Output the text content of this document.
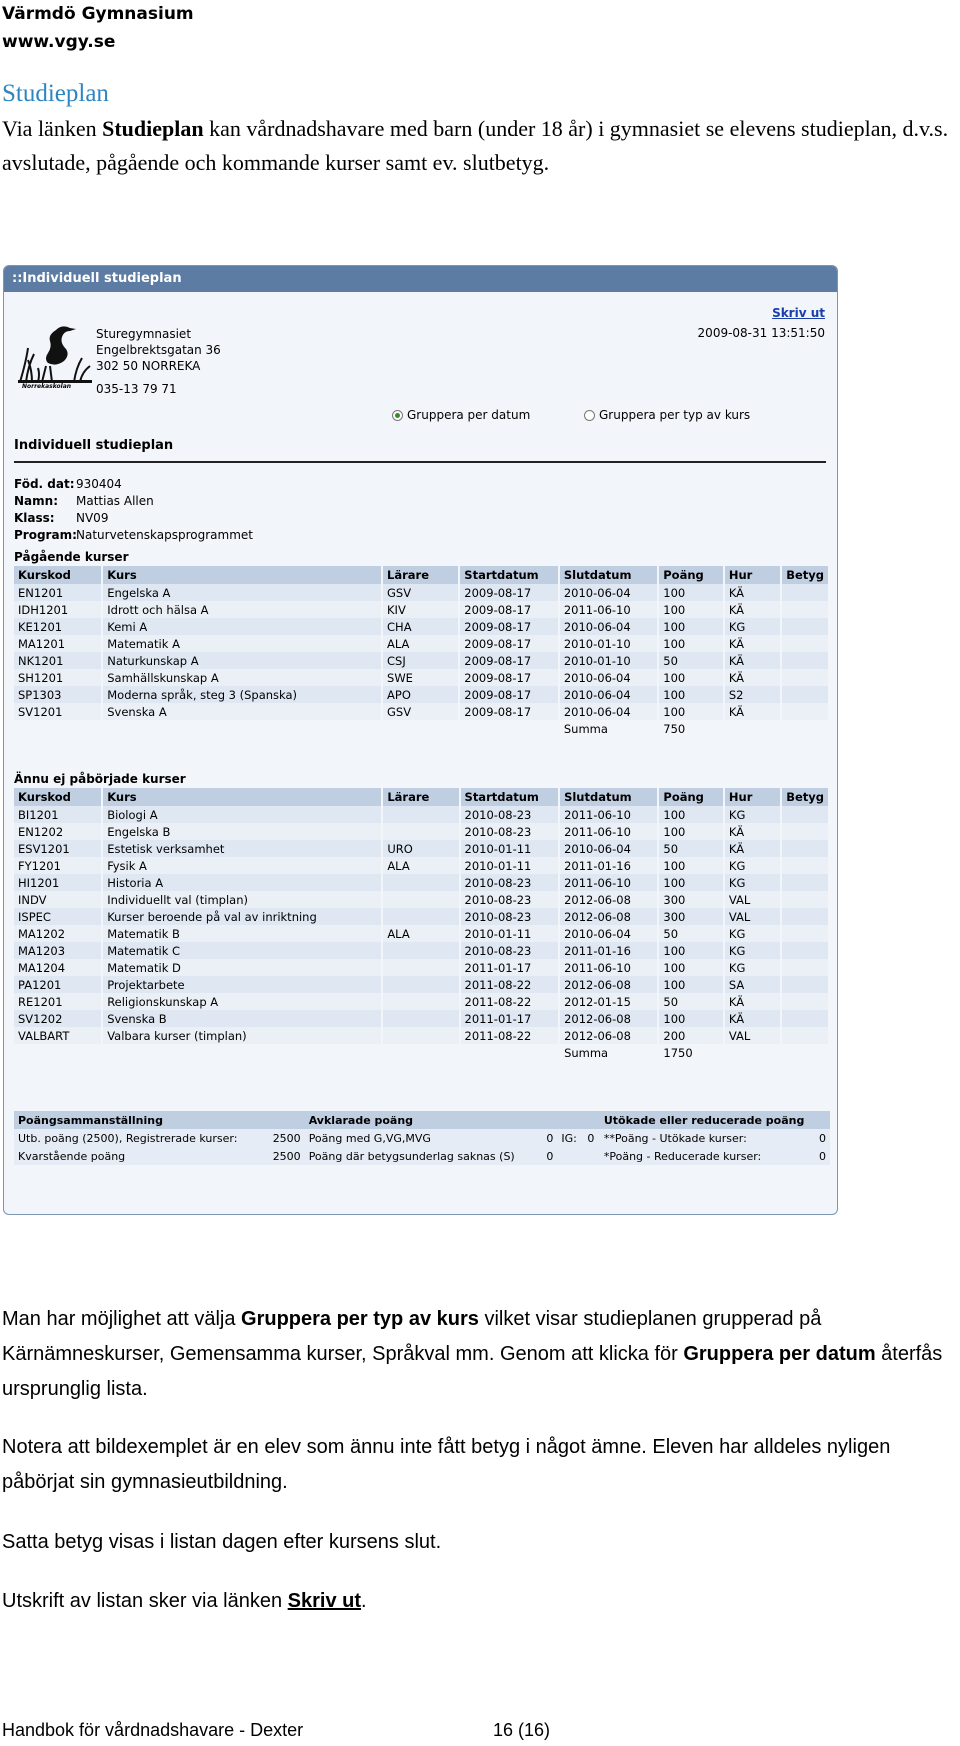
Värmdö Gymnasium
www.vgy.se
Studieplan
Via länken Studieplan kan vårdnadshavare med barn (under 18 år) i gymnasiet se elevens studieplan, d.v.s. avslutade, pågående och kommande kurser samt ev. slutbetyg.
::Individuell studieplan
Skriv ut
2009-08-31 13:51:50
Norrekaskolan
Sturegymnasiet
Engelbrektsgatan 36
302 50 NORREKA
035-13 79 71
Gruppera per datum	Gruppera per typ av kurs
Individuell studieplan
Föd. dat:930404
Namn: Mattias Allen
Klass: NV09
Program:Naturvetenskapsprogrammet
Pågående kurser
Kurskod	Kurs	Lärare	Startdatum	Slutdatum	Poäng	Hur	Betyg
EN1201	Engelska A	GSV	2009-08-17	2010-06-04	100	KÄ	
IDH1201	Idrott och hälsa A	KIV	2009-08-17	2011-06-10	100	KÄ	
KE1201	Kemi A	CHA	2009-08-17	2010-06-04	100	KG	
MA1201	Matematik A	ALA	2009-08-17	2010-01-10	100	KÄ	
NK1201	Naturkunskap A	CSJ	2009-08-17	2010-01-10	50	KÄ	
SH1201	Samhällskunskap A	SWE	2009-08-17	2010-06-04	100	KÄ	
SP1303	Moderna språk, steg 3 (Spanska)	APO	2009-08-17	2010-06-04	100	S2	
SV1201	Svenska A	GSV	2009-08-17	2010-06-04	100	KÄ	
				Summa	750		
Ännu ej påbörjade kurser
Kurskod	Kurs	Lärare	Startdatum	Slutdatum	Poäng	Hur	Betyg
BI1201	Biologi A		2010-08-23	2011-06-10	100	KG	
EN1202	Engelska B		2010-08-23	2011-06-10	100	KÄ	
ESV1201	Estetisk verksamhet	URO	2010-01-11	2010-06-04	50	KÄ	
FY1201	Fysik A	ALA	2010-01-11	2011-01-16	100	KG	
HI1201	Historia A		2010-08-23	2011-06-10	100	KG	
INDV	Individuellt val (timplan)		2010-08-23	2012-06-08	300	VAL	
ISPEC	Kurser beroende på val av inriktning		2010-08-23	2012-06-08	300	VAL	
MA1202	Matematik B	ALA	2010-01-11	2010-06-04	50	KG	
MA1203	Matematik C		2010-08-23	2011-01-16	100	KG	
MA1204	Matematik D		2011-01-17	2011-06-10	100	KG	
PA1201	Projektarbete		2011-08-22	2012-06-08	100	SA	
RE1201	Religionskunskap A		2011-08-22	2012-01-15	50	KÄ	
SV1202	Svenska B		2011-01-17	2012-06-08	100	KÄ	
VALBART	Valbara kurser (timplan)		2011-08-22	2012-06-08	200	VAL	
				Summa	1750		
Poängsammanställning		Avklarade poäng				Utökade eller reducerade poäng	
Utb. poäng (2500), Registrerade kurser:	2500	Poäng med G,VG,MVG	0	IG:	0	**Poäng - Utökade kurser:	0
Kvarstående poäng	2500	Poäng där betygsunderlag saknas (S)	0			*Poäng - Reducerade kurser:	0
Man har möjlighet att välja Gruppera per typ av kurs vilket visar studieplanen grupperad på Kärnämneskurser, Gemensamma kurser, Språkval mm. Genom att klicka för Gruppera per datum återfås ursprunglig lista.
Notera att bildexemplet är en elev som ännu inte fått betyg i något ämne. Eleven har alldeles nyligen påbörjat sin gymnasieutbildning.
Satta betyg visas i listan dagen efter kursens slut.
Utskrift av listan sker via länken Skriv ut.
Handbok för vårdnadshavare - Dexter	16 (16)
